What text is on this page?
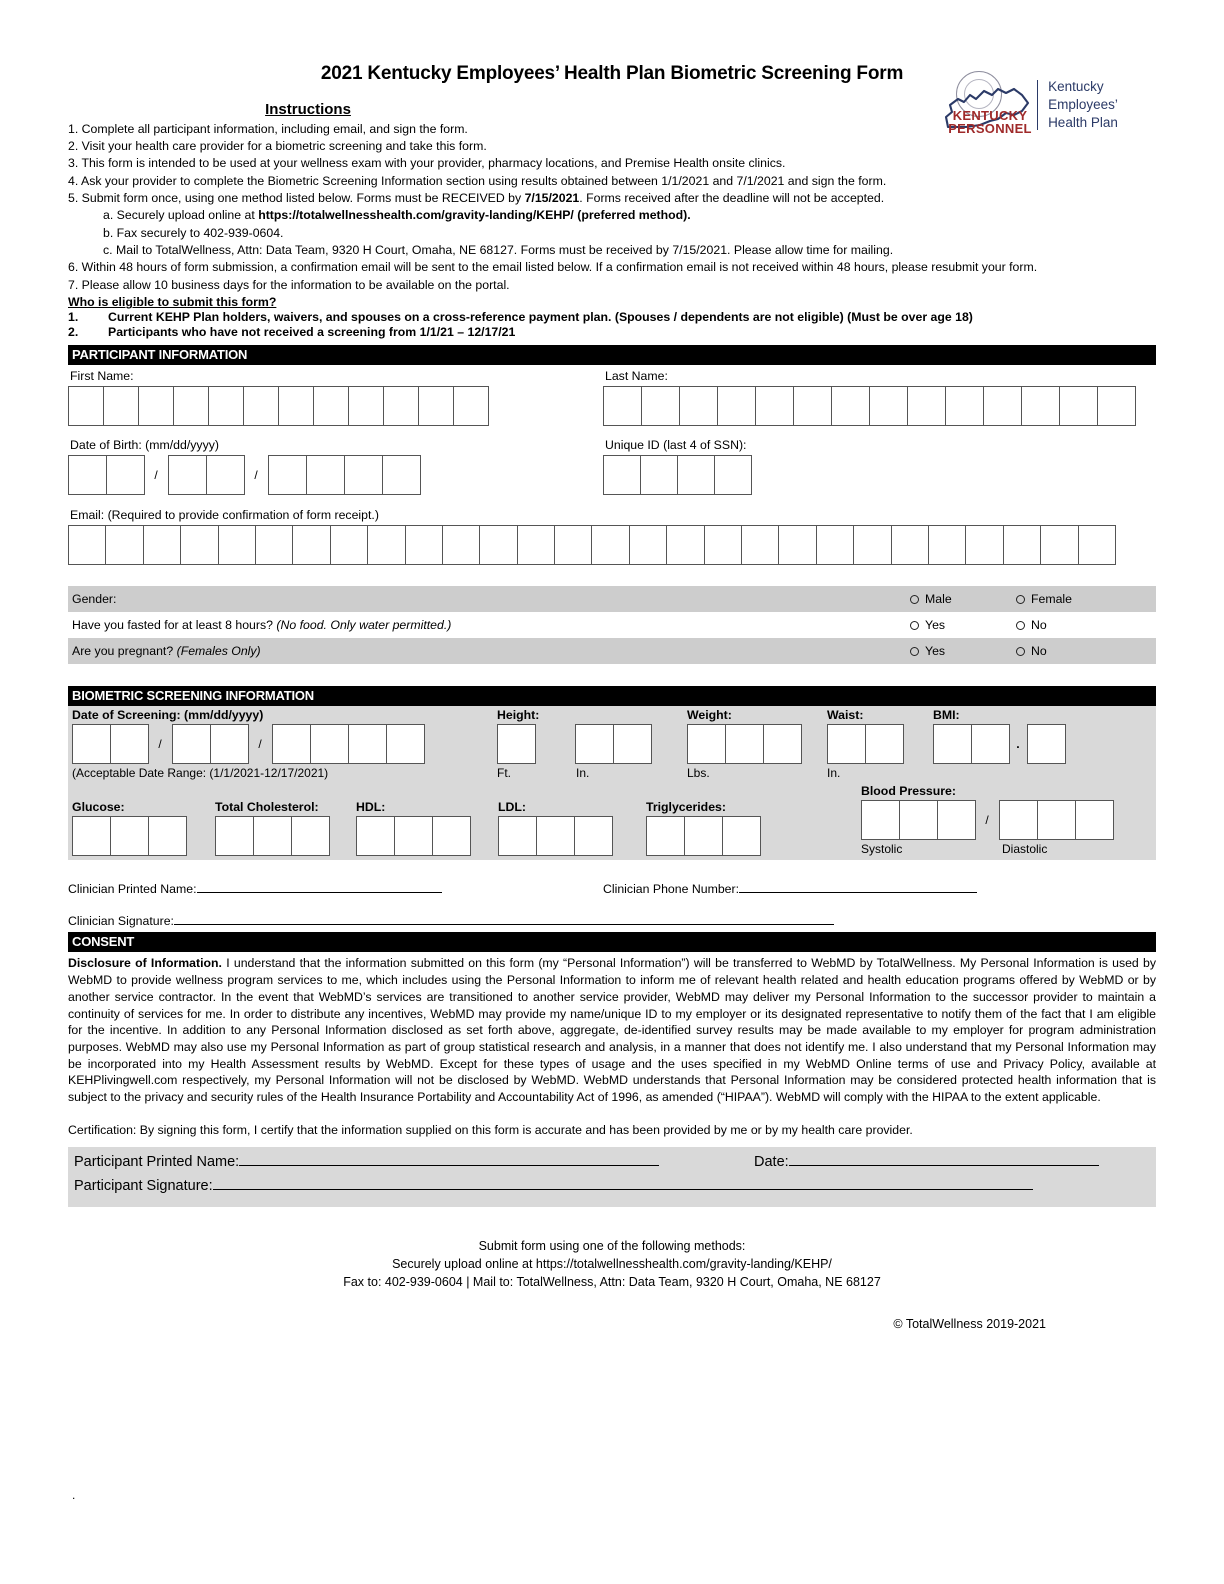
2021 Kentucky Employees’ Health Plan Biometric Screening Form
KENTUCKY
PERSONNEL
Kentucky Employees’
Health Plan
Instructions
1. Complete all participant information, including email, and sign the form.
2. Visit your health care provider for a biometric screening and take this form.
3. This form is intended to be used at your wellness exam with your provider, pharmacy locations, and Premise Health onsite clinics.
4. Ask your provider to complete the Biometric Screening Information section using results obtained between 1/1/2021 and 7/1/2021 and sign the form.
5. Submit form once, using one method listed below. Forms must be RECEIVED by 7/15/2021. Forms received after the deadline will not be accepted.
a. Securely upload online at https://totalwellnesshealth.com/gravity-landing/KEHP/ (preferred method).
b. Fax securely to 402-939-0604.
c. Mail to TotalWellness, Attn: Data Team, 9320 H Court, Omaha, NE 68127. Forms must be received by 7/15/2021. Please allow time for mailing.
6. Within 48 hours of form submission, a confirmation email will be sent to the email listed below. If a confirmation email is not received within 48 hours, please resubmit your form.
7. Please allow 10 business days for the information to be available on the portal.
Who is eligible to submit this form?
1.	Current KEHP Plan holders, waivers, and spouses on a cross-reference payment plan. (Spouses / dependents are not eligible) (Must be over age 18)
2.	Participants who have not received a screening from 1/1/21 – 12/17/21
PARTICIPANT INFORMATION
First Name:	Last Name:
Date of Birth: (mm/dd/yyyy)
/	/
Unique ID (last 4 of SSN):
Email: (Required to provide confirmation of form receipt.)
Gender:	Male	Female
Have you fasted for at least 8 hours? (No food. Only water permitted.)	Yes	No
Are you pregnant? (Females Only)	Yes	No
BIOMETRIC SCREENING INFORMATION
Date of Screening: (mm/dd/yyyy)
/	/
(Acceptable Date Range: (1/1/2021-12/17/2021)
Height:
Ft.	In.
Weight:
Lbs.
Waist:
In.
BMI:
.

Glucose:	Total Cholesterol:	HDL:	LDL:	Triglycerides:
Blood Pressure:
/
Systolic	Diastolic
Clinician Printed Name:	Clinician Phone Number:
Clinician Signature:
CONSENT
Disclosure of Information. I understand that the information submitted on this form (my “Personal Information”) will be transferred to WebMD by TotalWellness. My Personal Information is used by WebMD to provide wellness program services to me, which includes using the Personal Information to inform me of relevant health related and health education programs offered by WebMD or by another service contractor. In the event that WebMD’s services are transitioned to another service provider, WebMD may deliver my Personal Information to the successor provider to maintain a continuity of services for me. In order to distribute any incentives, WebMD may provide my name/unique ID to my employer or its designated representative to notify them of the fact that I am eligible for the incentive. In addition to any Personal Information disclosed as set forth above, aggregate, de-identified survey results may be made available to my employer for program administration purposes. WebMD may also use my Personal Information as part of group statistical research and analysis, in a manner that does not identify me. I also understand that my Personal Information may be incorporated into my Health Assessment results by WebMD. Except for these types of usage and the uses specified in my WebMD Online terms of use and Privacy Policy, available at KEHPlivingwell.com respectively, my Personal Information will not be disclosed by WebMD. WebMD understands that Personal Information may be considered protected health information that is subject to the privacy and security rules of the Health Insurance Portability and Accountability Act of 1996, as amended (“HIPAA”). WebMD will comply with the HIPAA to the extent applicable.
Certification: By signing this form, I certify that the information supplied on this form is accurate and has been provided by me or by my health care provider.
Participant Printed Name:	Date:
Participant Signature:
Submit form using one of the following methods:
Securely upload online at https://totalwellnesshealth.com/gravity-landing/KEHP/
Fax to: 402-939-0604 | Mail to: TotalWellness, Attn: Data Team, 9320 H Court, Omaha, NE 68127
© TotalWellness 2019-2021
.
